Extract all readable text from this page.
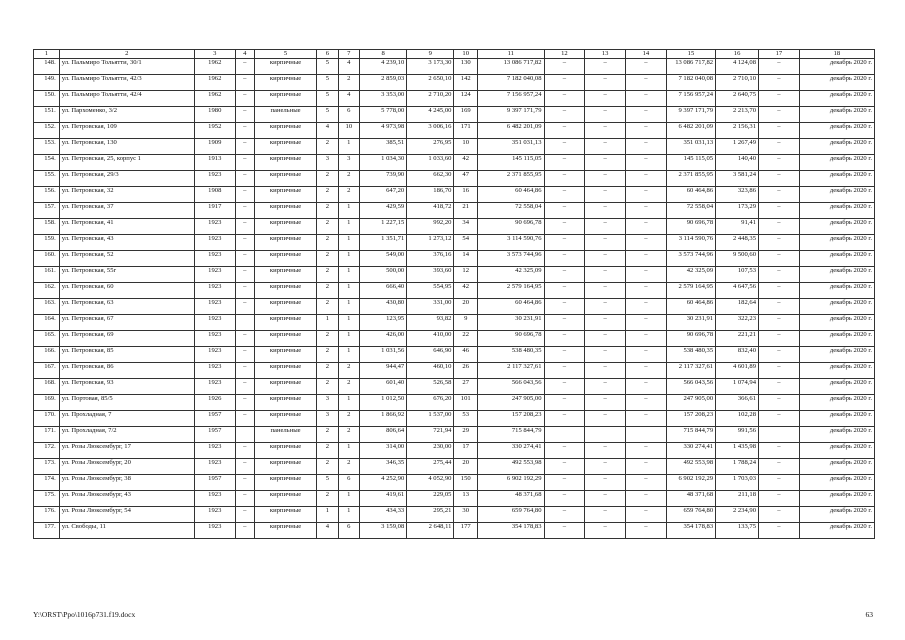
1	2	3	4	5	6	7	8	9	10	11	12	13	14	15	16	17	18
148.	ул. Пальмиро Тольятти, 30/1	1962	–	кирпичные	5	4	4 239,10	3 173,30	130	13 086 717,82	–	–	–	13 086 717,82	4 124,08	–	декабрь 2020 г.
149.	ул. Пальмиро Тольятти, 42/3	1962	–	кирпичные	5	2	2 859,03	2 650,10	142	7 182 040,08	–	–	–	7 182 040,08	2 710,10	–	декабрь 2020 г.
150.	ул. Пальмиро Тольятти, 42/4	1962	–	кирпичные	5	4	3 353,00	2 710,20	124	7 156 957,24	–	–	–	7 156 957,24	2 640,75	–	декабрь 2020 г.
151.	ул. Пархоменко, 3/2	1980	–	панельные	5	6	5 778,00	4 245,00	169	9 397 171,79	–	–	–	9 397 171,79	2 213,70	–	декабрь 2020 г.
152.	ул. Петровская, 109	1952	–	кирпичные	4	10	4 973,98	3 006,16	171	6 482 201,09	–	–	–	6 482 201,09	2 156,31	–	декабрь 2020 г.
153.	ул. Петровская, 130	1909	–	кирпичные	2	1	385,51	276,95	10	351 031,13	–	–	–	351 031,13	1 267,49	–	декабрь 2020 г.
154.	ул. Петровская, 25, корпус 1	1913	–	кирпичные	3	3	1 034,30	1 033,60	42	145 115,05	–	–	–	145 115,05	140,40	–	декабрь 2020 г.
155.	ул. Петровская, 29/3	1923	–	кирпичные	2	2	739,90	662,30	47	2 371 855,95	–	–	–	2 371 855,95	3 581,24	–	декабрь 2020 г.
156.	ул. Петровская, 32	1908	–	кирпичные	2	2	647,20	186,70	16	60 464,86	–	–	–	60 464,86	323,86	–	декабрь 2020 г.
157.	ул. Петровская, 37	1917	–	кирпичные	2	1	429,59	418,72	21	72 558,04	–	–	–	72 558,04	173,29	–	декабрь 2020 г.
158.	ул. Петровская, 41	1923	–	кирпичные	2	1	1 227,15	992,20	34	90 696,78	–	–	–	90 696,78	91,41	–	декабрь 2020 г.
159.	ул. Петровская, 43	1923	–	кирпичные	2	1	1 351,71	1 273,12	54	3 114 590,76	–	–	–	3 114 590,76	2 448,35	–	декабрь 2020 г.
160.	ул. Петровская, 52	1923	–	кирпичные	2	1	549,00	376,16	14	3 573 744,96	–	–	–	3 573 744,96	9 500,60	–	декабрь 2020 г.
161.	ул. Петровская, 55г	1923	–	кирпичные	2	1	500,00	393,60	12	42 325,09	–	–	–	42 325,09	107,53	–	декабрь 2020 г.
162.	ул. Петровская, 60	1923	–	кирпичные	2	1	666,40	554,95	42	2 579 164,95	–	–	–	2 579 164,95	4 647,56	–	декабрь 2020 г.
163.	ул. Петровская, 63	1923	–	кирпичные	2	1	430,80	331,00	20	60 464,86	–	–	–	60 464,86	182,64	–	декабрь 2020 г.
164.	ул. Петровская, 67	1923		кирпичные	1	1	123,95	93,82	9	30 231,91	–	–	–	30 231,91	322,23	–	декабрь 2020 г.
165.	ул. Петровская, 69	1923	–	кирпичные	2	1	426,00	410,00	22	90 696,78	–	–	–	90 696,78	221,21	–	декабрь 2020 г.
166.	ул. Петровская, 85	1923	–	кирпичные	2	1	1 031,56	646,90	46	538 480,35	–	–	–	538 480,35	832,40	–	декабрь 2020 г.
167.	ул. Петровская, 86	1923	–	кирпичные	2	2	944,47	460,10	26	2 117 327,61	–	–	–	2 117 327,61	4 601,89	–	декабрь 2020 г.
168.	ул. Петровская, 93	1923	–	кирпичные	2	2	601,40	526,58	27	566 043,56	–	–	–	566 043,56	1 074,94	–	декабрь 2020 г.
169.	ул. Портовая, 85/5	1926	–	кирпичные	3	1	1 012,50	676,20	101	247 905,00	–	–	–	247 905,00	366,61	–	декабрь 2020 г.
170.	ул. Прохладная, 7	1957	–	кирпичные	3	2	1 866,92	1 537,00	53	157 208,23	–	–	–	157 208,23	102,28	–	декабрь 2020 г.
171.	ул. Прохладная, 7/2	1957		панельные	2	2	806,64	721,94	29	715 844,79				715 844,79	991,56		декабрь 2020 г.
172.	ул. Розы Люксембург, 17	1923	–	кирпичные	2	1	314,00	230,00	17	330 274,41	–	–	–	330 274,41	1 435,98	–	декабрь 2020 г.
173.	ул. Розы Люксембург, 20	1923	–	кирпичные	2	2	346,35	275,44	20	492 553,98	–	–	–	492 553,98	1 788,24	–	декабрь 2020 г.
174.	ул. Розы Люксембург, 38	1957	–	кирпичные	5	6	4 252,90	4 052,90	150	6 902 192,29	–	–	–	6 902 192,29	1 703,03	–	декабрь 2020 г.
175.	ул. Розы Люксембург, 43	1923	–	кирпичные	2	1	419,61	229,05	13	48 371,68	–	–	–	48 371,68	211,18	–	декабрь 2020 г.
176.	ул. Розы Люксембург, 54	1923	–	кирпичные	1	1	434,33	295,21	30	659 764,80	–	–	–	659 764,80	2 234,90	–	декабрь 2020 г.
177.	ул. Свободы, 11	1923	–	кирпичные	4	6	3 159,08	2 648,11	177	354 178,83	–	–	–	354 178,83	133,75	–	декабрь 2020 г.
Y:\ORST\Ppo\1016p731.f19.docx	63
